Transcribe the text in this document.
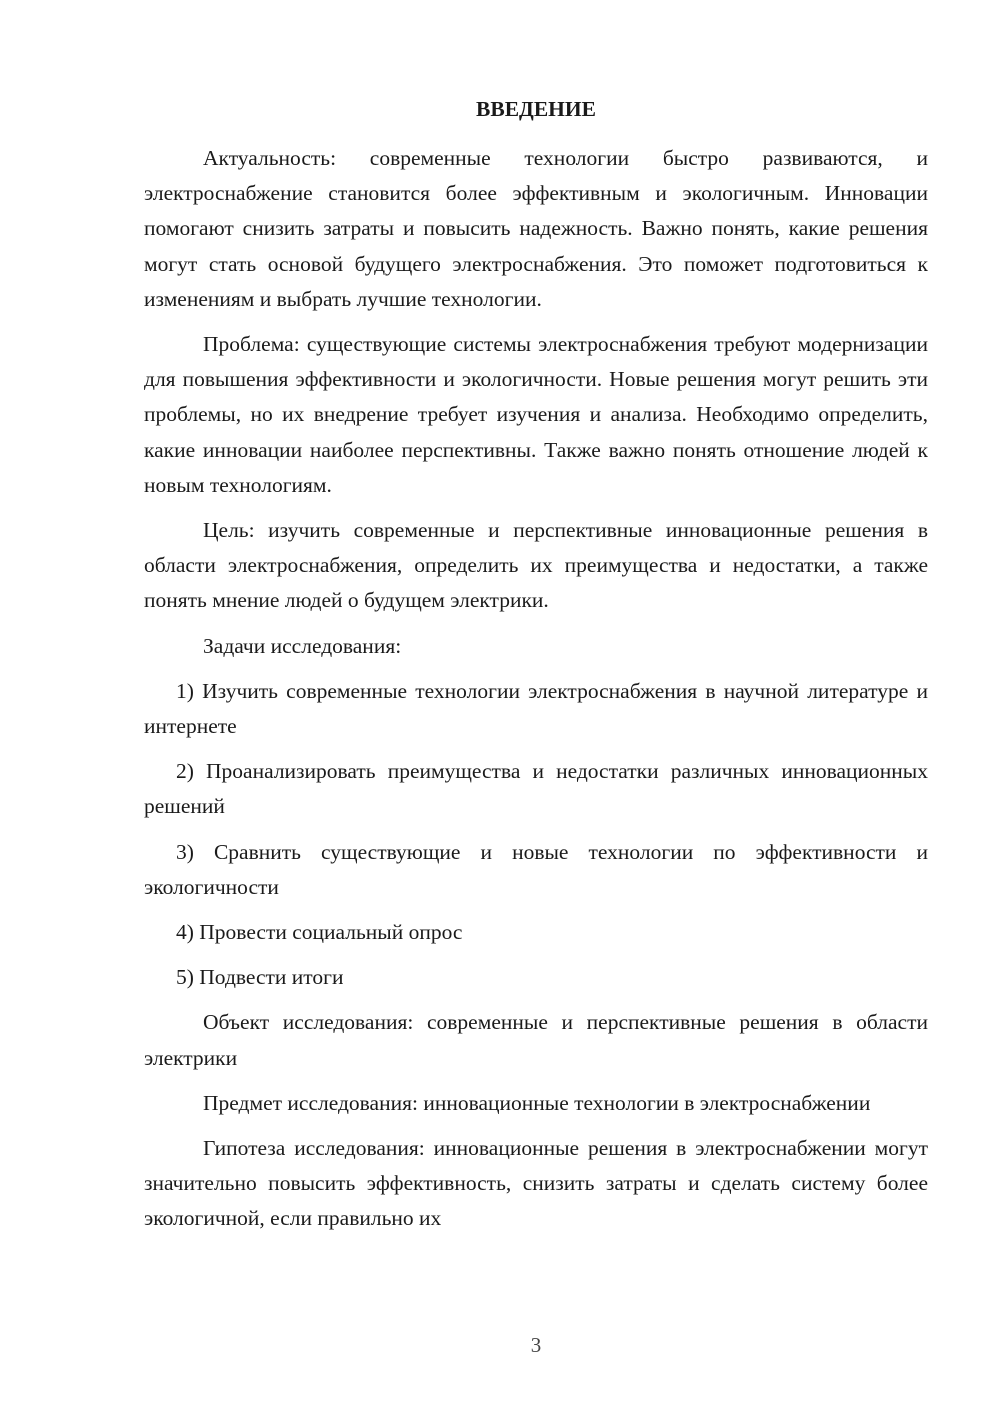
ВВЕДЕНИЕ

Актуальность: современные технологии быстро развиваются, и электроснабжение становится более эффективным и экологичным. Инновации помогают снизить затраты и повысить надежность. Важно понять, какие решения могут стать основой будущего электроснабжения. Это поможет подготовиться к изменениям и выбрать лучшие технологии.

Проблема: существующие системы электроснабжения требуют модернизации для повышения эффективности и экологичности. Новые решения могут решить эти проблемы, но их внедрение требует изучения и анализа. Необходимо определить, какие инновации наиболее перспективны. Также важно понять отношение людей к новым технологиям.

Цель: изучить современные и перспективные инновационные решения в области электроснабжения, определить их преимущества и недостатки, а также понять мнение людей о будущем электрики.

Задачи исследования:

1) Изучить современные технологии электроснабжения в научной литературе и интернете

2) Проанализировать преимущества и недостатки различных инновационных решений

3) Сравнить существующие и новые технологии по эффективности и экологичности

4) Провести социальный опрос

5) Подвести итоги

Объект исследования: современные и перспективные решения в области электрики

Предмет исследования: инновационные технологии в электроснабжении

Гипотеза исследования: инновационные решения в электроснабжении могут значительно повысить эффективность, снизить затраты и сделать систему более экологичной, если правильно их

3
